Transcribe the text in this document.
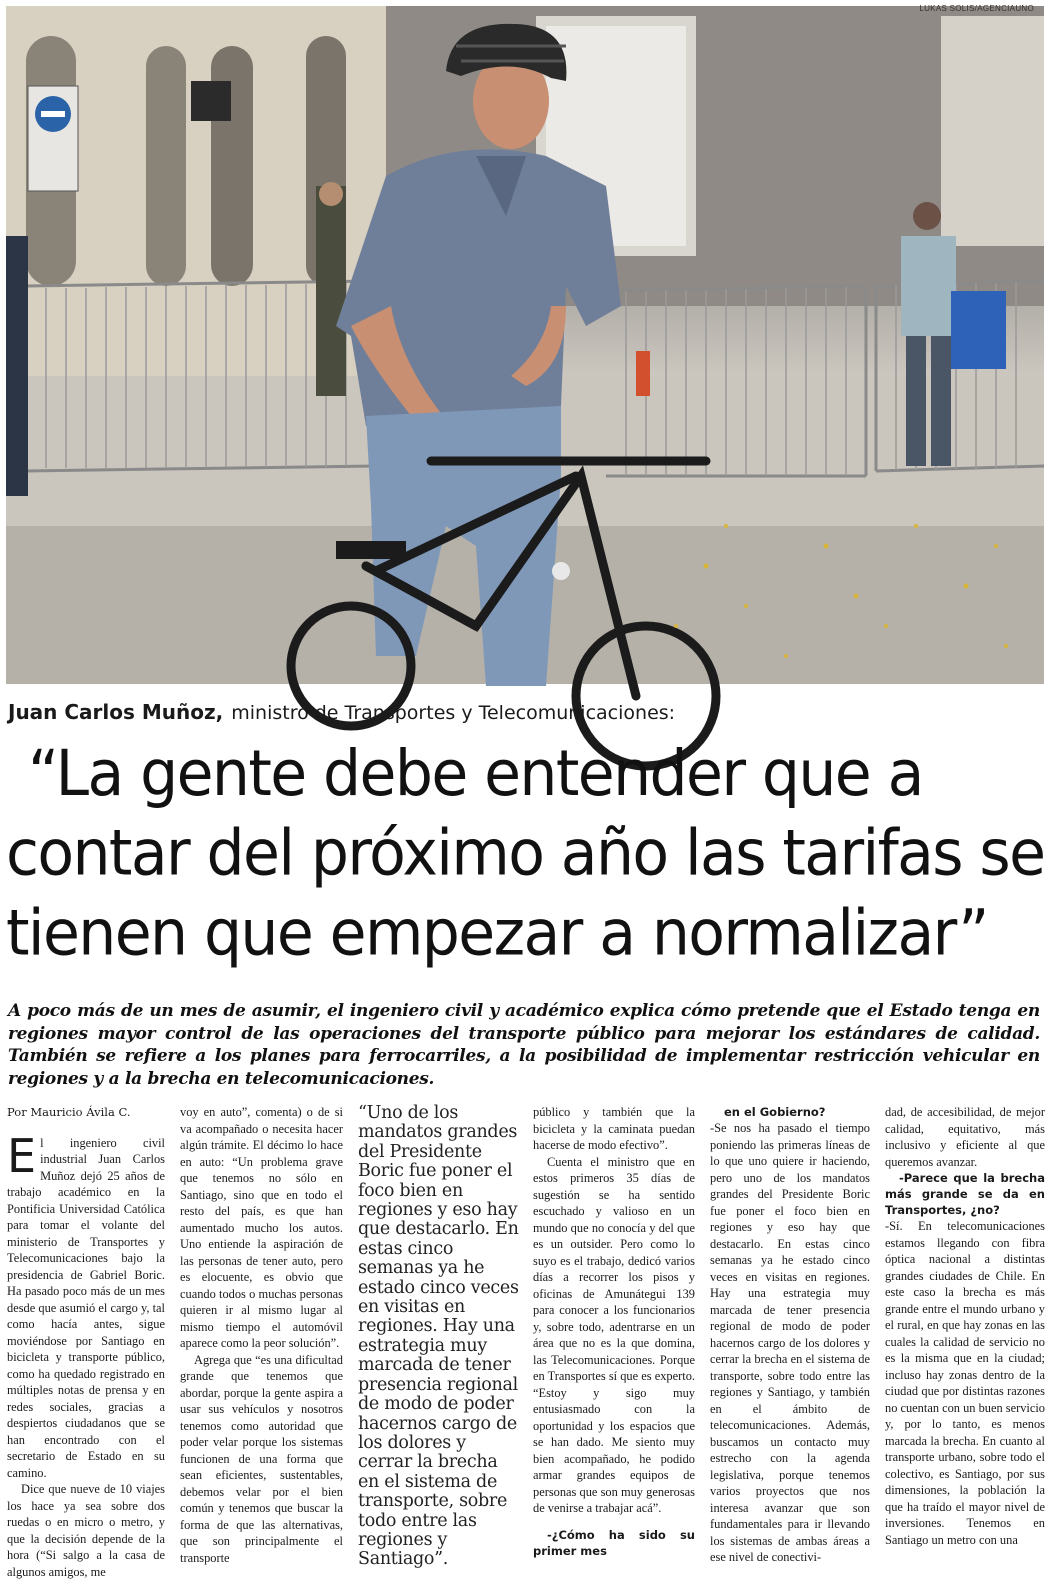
LUKAS SOLIS/AGENCIAUNO
Juan Carlos Muñoz, ministro de Transportes y Telecomunicaciones:
“La gente debe entender que a
contar del próximo año las tarifas se
tienen que empezar a normalizar”

A poco más de un mes de asumir, el ingeniero civil y académico explica cómo pretende que el Estado tenga en regiones mayor control de las operaciones del transporte público para mejorar los estándares de calidad. También se refiere a los planes para ferrocarriles, a la posibilidad de implementar restricción vehicular en regiones y a la brecha en telecomunicaciones.

Por Mauricio Ávila C.

El ingeniero civil industrial Juan Carlos Muñoz dejó 25 años de trabajo académico en la Pontificia Universidad Católica para tomar el volante del ministerio de Transportes y Telecomunicaciones bajo la presidencia de Gabriel Boric. Ha pasado poco más de un mes desde que asumió el cargo y, tal como hacía antes, sigue moviéndose por Santiago en bicicleta y transporte público, como ha quedado registrado en múltiples notas de prensa y en redes sociales, gracias a despiertos ciudadanos que se han encontrado con el secretario de Estado en su camino.

Dice que nueve de 10 viajes los hace ya sea sobre dos ruedas o en micro o metro, y que la decisión depende de la hora (“Si salgo a la casa de algunos amigos, me

voy en auto”, comenta) o de si va acompañado o necesita hacer algún trámite. El décimo lo hace en auto: “Un problema grave que tenemos no sólo en Santiago, sino que en todo el resto del país, es que han aumentado mucho los autos. Uno entiende la aspiración de las personas de tener auto, pero es elocuente, es obvio que cuando todos o muchas personas quieren ir al mismo lugar al mismo tiempo el automóvil aparece como la peor solución”.

Agrega que “es una dificultad grande que tenemos que abordar, porque la gente aspira a usar sus vehículos y nosotros tenemos como autoridad que poder velar porque los sistemas funcionen de una forma que sean eficientes, sustentables, debemos velar por el bien común y tenemos que buscar la forma de que las alternativas, que son principalmente el transporte

“Uno de los mandatos grandes del Presidente Boric fue poner el foco bien en regiones y eso hay que destacarlo. En estas cinco semanas ya he estado cinco veces en visitas en regiones. Hay una estrategia muy marcada de tener presencia regional de modo de poder hacernos cargo de los dolores y cerrar la brecha en el sistema de transporte, sobre todo entre las regiones y Santiago”.

público y también que la bicicleta y la caminata puedan hacerse de modo efectivo”.

Cuenta el ministro que en estos primeros 35 días de sugestión se ha sentido escuchado y valioso en un mundo que no conocía y del que es un outsider. Pero como lo suyo es el trabajo, dedicó varios días a recorrer los pisos y oficinas de Amunátegui 139 para conocer a los funcionarios y, sobre todo, adentrarse en un área que no es la que domina, las Telecomunicaciones. Porque en Transportes sí que es experto. “Estoy y sigo muy entusiasmado con la oportunidad y los espacios que se han dado. Me siento muy bien acompañado, he podido armar grandes equipos de personas que son muy generosas de venirse a trabajar acá”.

-¿Cómo ha sido su primer mes

en el Gobierno?

-Se nos ha pasado el tiempo poniendo las primeras líneas de lo que uno quiere ir haciendo, pero uno de los mandatos grandes del Presidente Boric fue poner el foco bien en regiones y eso hay que destacarlo. En estas cinco semanas ya he estado cinco veces en visitas en regiones. Hay una estrategia muy marcada de tener presencia regional de modo de poder hacernos cargo de los dolores y cerrar la brecha en el sistema de transporte, sobre todo entre las regiones y Santiago, y también en el ámbito de telecomunicaciones. Además, buscamos un contacto muy estrecho con la agenda legislativa, porque tenemos varios proyectos que nos interesa avanzar que son fundamentales para ir llevando los sistemas de ambas áreas a ese nivel de conectivi-

dad, de accesibilidad, de mejor calidad, equitativo, más inclusivo y eficiente al que queremos avanzar.

-Parece que la brecha más grande se da en Transportes, ¿no?

-Sí. En telecomunicaciones estamos llegando con fibra óptica nacional a distintas grandes ciudades de Chile. En este caso la brecha es más grande entre el mundo urbano y el rural, en que hay zonas en las cuales la calidad de servicio no es la misma que en la ciudad; incluso hay zonas dentro de la ciudad que por distintas razones no cuentan con un buen servicio y, por lo tanto, es menos marcada la brecha. En cuanto al transporte urbano, sobre todo el colectivo, es Santiago, por sus dimensiones, la población la que ha traído el mayor nivel de inversiones. Tenemos en Santiago un metro con una
